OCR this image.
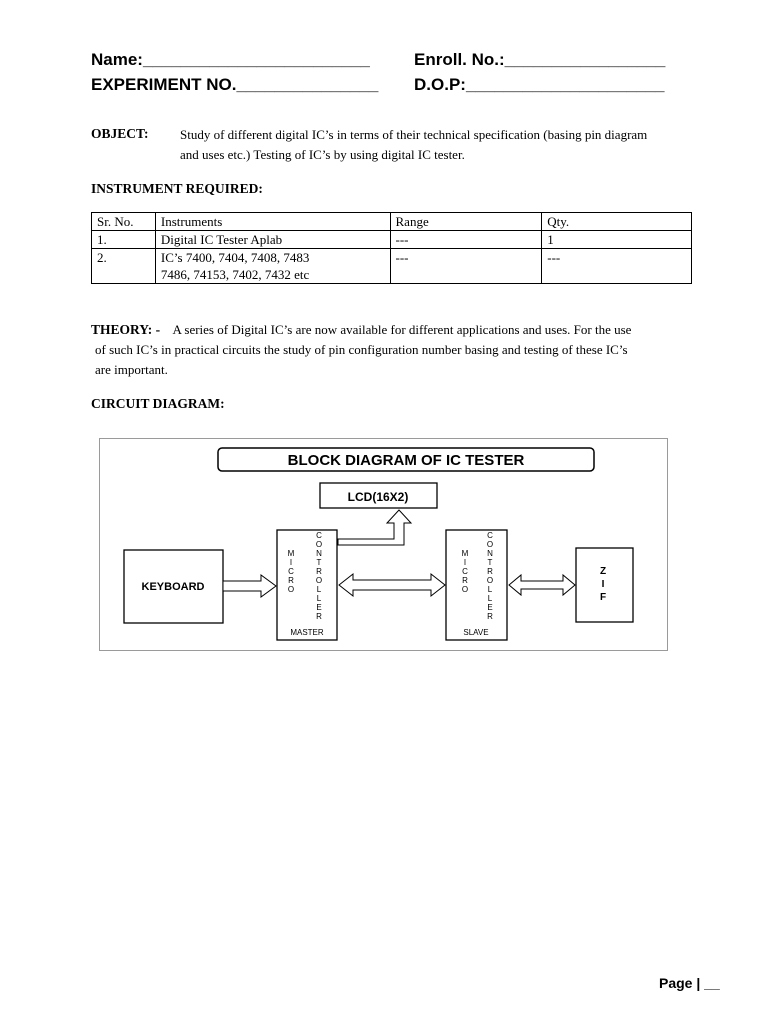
Name:________________________	Enroll. No.:_________________
EXPERIMENT NO._______________ D.O.P:_____________________
OBJECT: Study of different digital IC’s in terms of their technical specification (basing pin diagram
and uses etc.) Testing of IC’s by using digital IC tester.
INSTRUMENT REQUIRED:
Sr. No.	Instruments	Range	Qty.
1.	Digital IC Tester Aplab	---	1
2.	IC’s 7400, 7404, 7408, 7483
7486, 74153, 7402, 7432 etc	---	---
THEORY: - A series of Digital IC’s are now available for different applications and uses. For the use
of such IC’s in practical circuits the study of pin configuration number basing and testing of these IC’s
are important.
CIRCUIT DIAGRAM:
BLOCK DIAGRAM OF IC TESTER
LCD(16X2)
KEYBOARD
M
I
C
R
O
C
O
N
T
R
O
L
L
E
R
MASTER
M
I
C
R
O
C
O
N
T
R
O
L
L
E
R
SLAVE
Z
I
F
Page | __
